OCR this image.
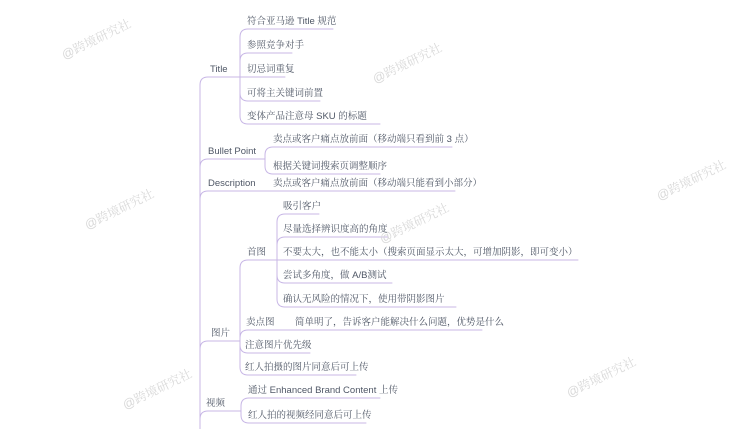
@跨境研究社
@跨境研究社
@跨境研究社
@跨境研究社
@跨境研究社
@跨境研究社	@跨境研究社
Title
Bullet Point
Description
图片
视频
符合亚马逊 Title 规范
参照竞争对手
切忌词重复
可将主关键词前置
变体产品注意母 SKU 的标题
卖点或客户痛点放前面（移动端只看到前 3 点）
根据关键词搜索页调整顺序
卖点或客户痛点放前面（移动端只能看到小部分）
首图
吸引客户
尽量选择辨识度高的角度
不要太大，也不能太小（搜索页面显示太大，可增加阴影，即可变小）
尝试多角度，做 A/B测试
确认无风险的情况下，使用带阴影图片
卖点图 简单明了，告诉客户能解决什么问题，优势是什么
注意图片优先级
红人拍摄的图片同意后可上传
通过 Enhanced Brand Content 上传
红人拍的视频经同意后可上传
